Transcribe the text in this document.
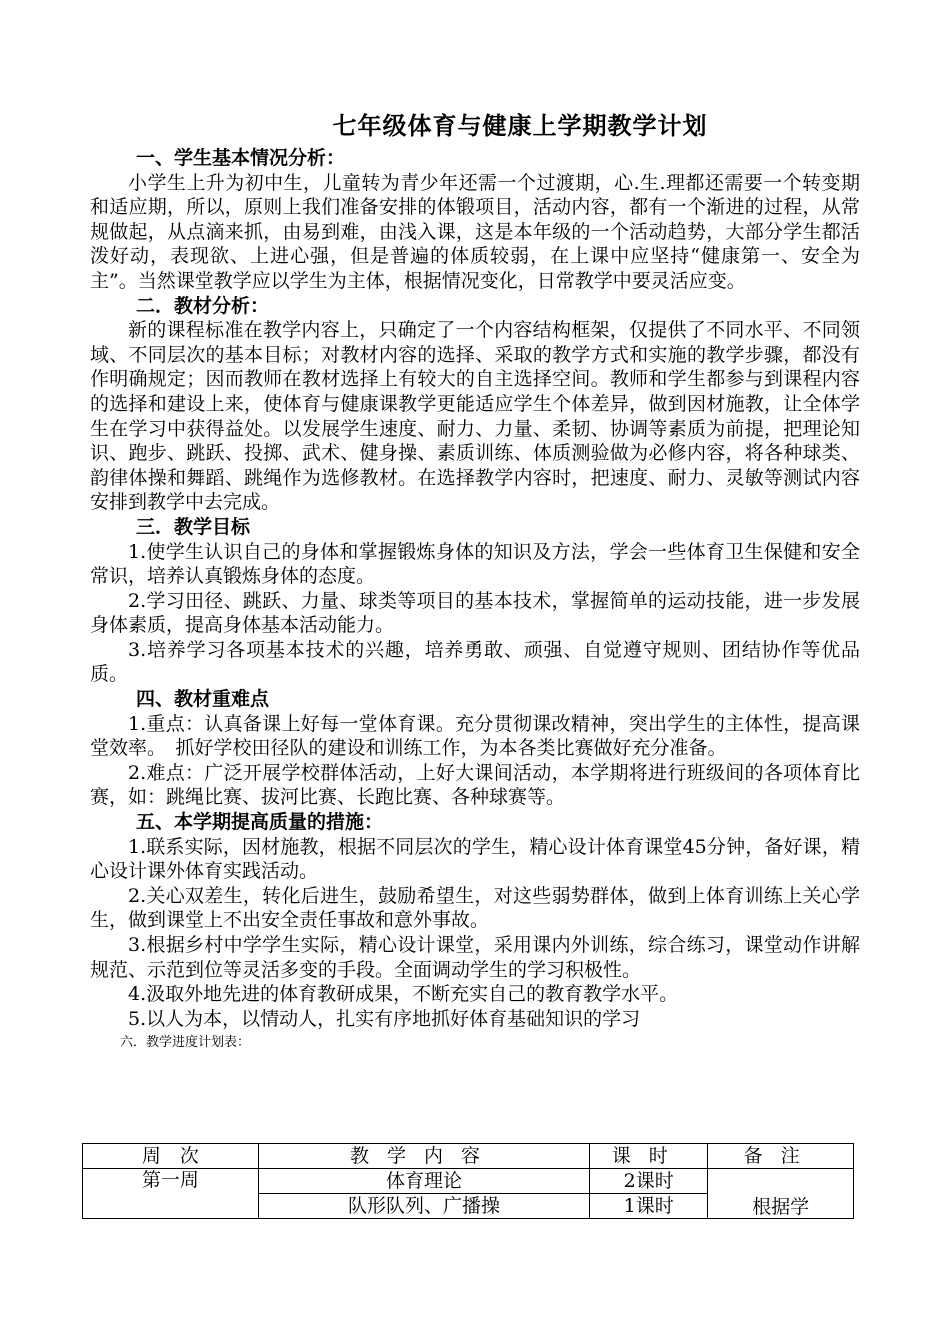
七年级体育与健康上学期教学计划
一、学生基本情况分析：

小学生上升为初中生，儿童转为青少年还需一个过渡期，心.生.理都还需要一个转变期和适应期，所以，原则上我们准备安排的体锻项目，活动内容，都有一个渐进的过程，从常规做起，从点滴来抓，由易到难，由浅入课，这是本年级的一个活动趋势，大部分学生都活泼好动，表现欲、上进心强，但是普遍的体质较弱，在上课中应坚持“健康第一、安全为主”。当然课堂教学应以学生为主体，根据情况变化，日常教学中要灵活应变。

二．教材分析：

新的课程标准在教学内容上，只确定了一个内容结构框架，仅提供了不同水平、不同领域、不同层次的基本目标；对教材内容的选择、采取的教学方式和实施的教学步骤，都没有作明确规定；因而教师在教材选择上有较大的自主选择空间。教师和学生都参与到课程内容的选择和建设上来，使体育与健康课教学更能适应学生个体差异，做到因材施教，让全体学生在学习中获得益处。以发展学生速度、耐力、力量、柔韧、协调等素质为前提，把理论知识、跑步、跳跃、投掷、武术、健身操、素质训练、体质测验做为必修内容，将各种球类、韵律体操和舞蹈、跳绳作为选修教材。在选择教学内容时，把速度、耐力、灵敏等测试内容安排到教学中去完成。

三．教学目标

1.使学生认识自己的身体和掌握锻炼身体的知识及方法，学会一些体育卫生保健和安全常识，培养认真锻炼身体的态度。

2.学习田径、跳跃、力量、球类等项目的基本技术，掌握简单的运动技能，进一步发展身体素质，提高身体基本活动能力。

3.培养学习各项基本技术的兴趣，培养勇敢、顽强、自觉遵守规则、团结协作等优品质。

四、教材重难点

1.重点：认真备课上好每一堂体育课。充分贯彻课改精神，突出学生的主体性，提高课堂效率。　抓好学校田径队的建设和训练工作，为本各类比赛做好充分准备。

2.难点：广泛开展学校群体活动，上好大课间活动，本学期将进行班级间的各项体育比赛，如：跳绳比赛、拔河比赛、长跑比赛、各种球赛等。

五、本学期提高质量的措施：

1.联系实际，因材施教，根据不同层次的学生，精心设计体育课堂45分钟，备好课，精心设计课外体育实践活动。

2.关心双差生，转化后进生，鼓励希望生，对这些弱势群体，做到上体育训练上关心学生，做到课堂上不出安全责任事故和意外事故。

3.根据乡村中学学生实际，精心设计课堂，采用课内外训练，综合练习，课堂动作讲解规范、示范到位等灵活多变的手段。全面调动学生的学习积极性。

4.汲取外地先进的体育教研成果，不断充实自己的教育教学水平。

5.以人为本，以情动人，扎实有序地抓好体育基础知识的学习

六．教学进度计划表：
周　次	教学内容	课时	备注
第一周	体育理论	2课时	根据学
	队形队列、广播操	1课时	
